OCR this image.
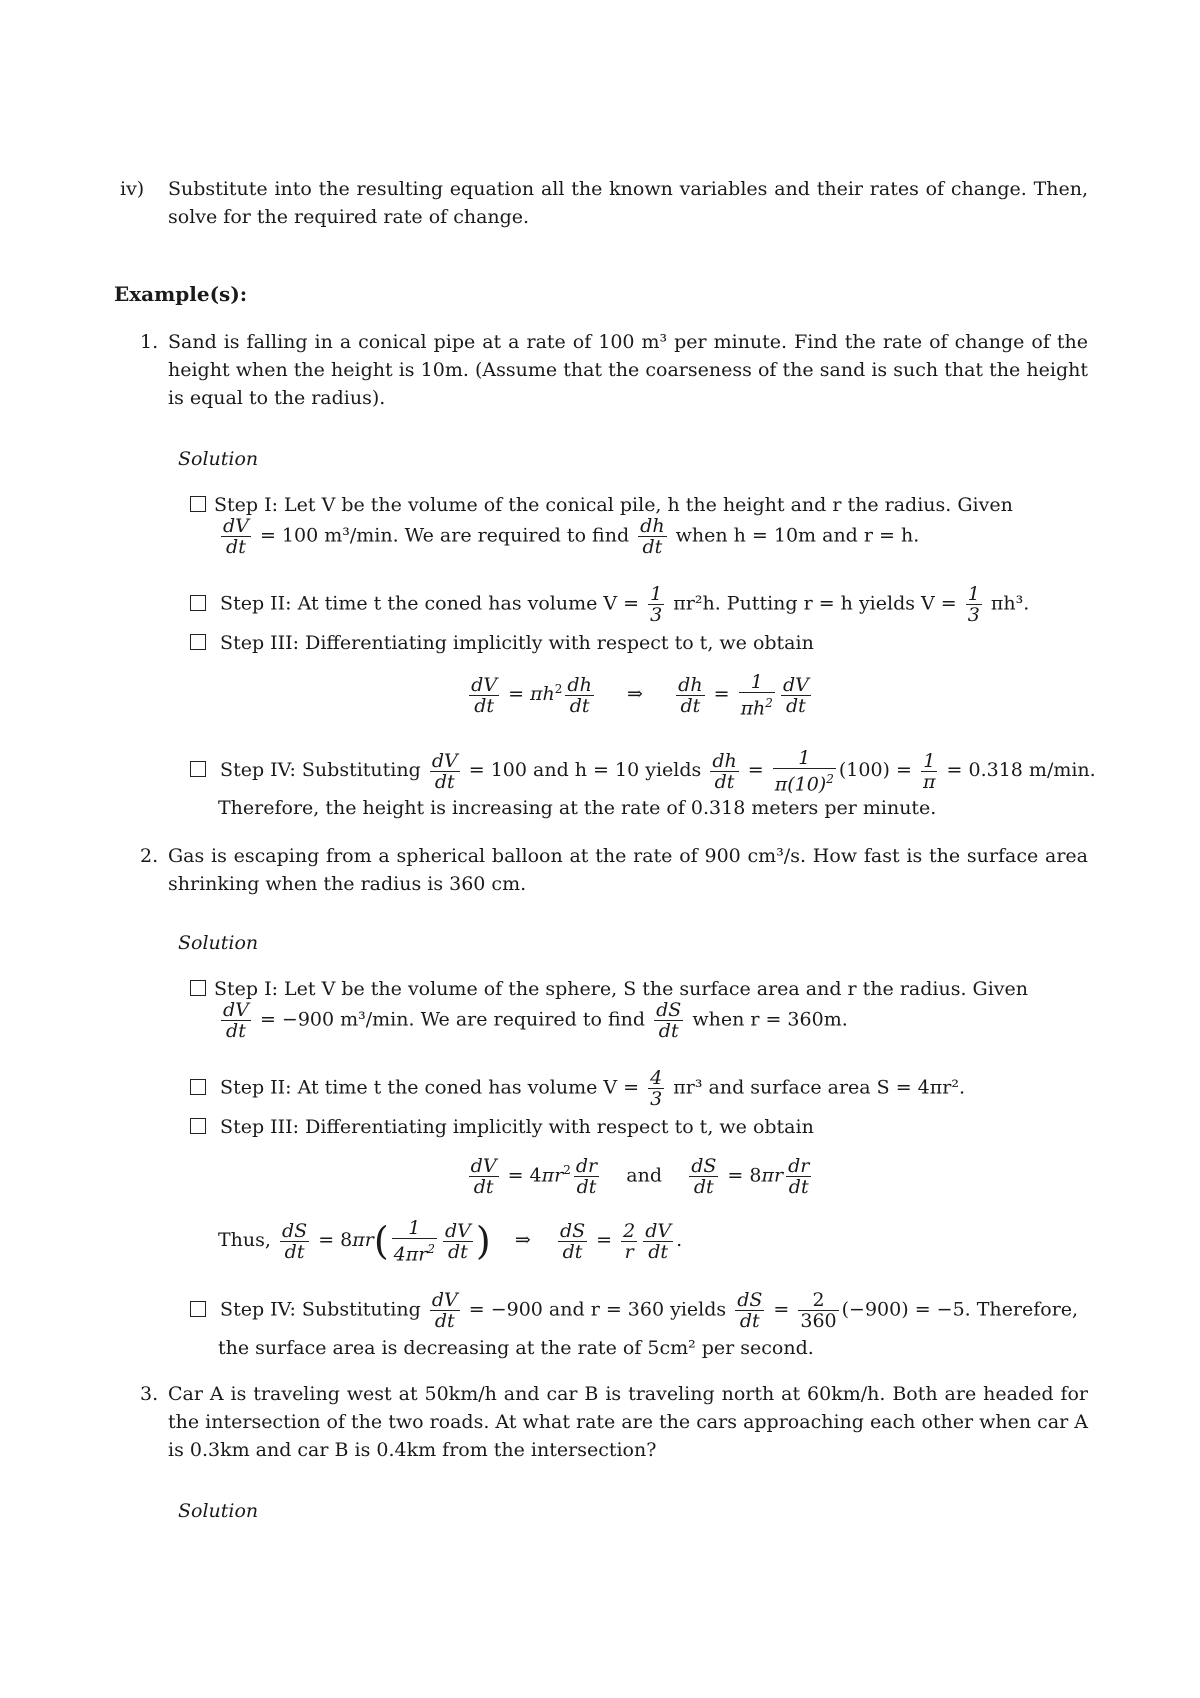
iv)	Substitute into the resulting equation all the known variables and their rates of change. Then, solve for the required rate of change.
Example(s):
1. Sand is falling in a conical pipe at a rate of 100 m³ per minute. Find the rate of change of the height when the height is 10m. (Assume that the coarseness of the sand is such that the height is equal to the radius).
Solution
Step I: Let V be the volume of the conical pile, h the height and r the radius. Given
$\frac{dV}{dt} = 100$ m³/min. We are required to find $\frac{dh}{dt}$ when h = 10m and r = h.
Step II: At time t the coned has volume $V = \frac{1}{3} \pi r^2h$. Putting r = h yields $V = \frac{1}{3} \pi h^3$.
Step III: Differentiating implicitly with respect to t, we obtain
$\frac{dV}{dt} = \pi h^2 \frac{dh}{dt}$ ⇒ $\frac{dh}{dt} = \frac{1}{\pi h^2} \frac{dV}{dt}$
Step IV: Substituting $\frac{dV}{dt} = 100$ and h = 10 yields $\frac{dh}{dt} = \frac{1}{\pi(10)^2} (100) = \frac{1}{\pi} = 0.318$ m/min.
Therefore, the height is increasing at the rate of 0.318 meters per minute.
2. Gas is escaping from a spherical balloon at the rate of 900 cm³/s. How fast is the surface area shrinking when the radius is 360 cm.
Solution
Step I: Let V be the volume of the sphere, S the surface area and r the radius. Given
$\frac{dV}{dt} = -900$ m³/min. We are required to find $\frac{dS}{dt}$ when r = 360m.
Step II: At time t the coned has volume $V = \frac{4}{3} \pi r^3$ and surface area S = 4πr².
Step III: Differentiating implicitly with respect to t, we obtain
$\frac{dV}{dt} = 4\pi r^2 \frac{dr}{dt}$ and $\frac{dS}{dt} = 8\pi r \frac{dr}{dt}$
Thus, $\frac{dS}{dt} = 8\pi r( \frac{1}{4\pi r^2} \frac{dV}{dt}$ )    ⇒ $\frac{dS}{dt} = \frac{2}{r} \frac{dV}{dt}$ .
Step IV: Substituting $\frac{dV}{dt} = -900$ and r = 360 yields $\frac{dS}{dt} = \frac{2}{360} (-900) = -5$. Therefore,
the surface area is decreasing at the rate of 5cm² per second.
3. Car A is traveling west at 50km/h and car B is traveling north at 60km/h. Both are headed for the intersection of the two roads. At what rate are the cars approaching each other when car A is 0.3km and car B is 0.4km from the intersection?
Solution
